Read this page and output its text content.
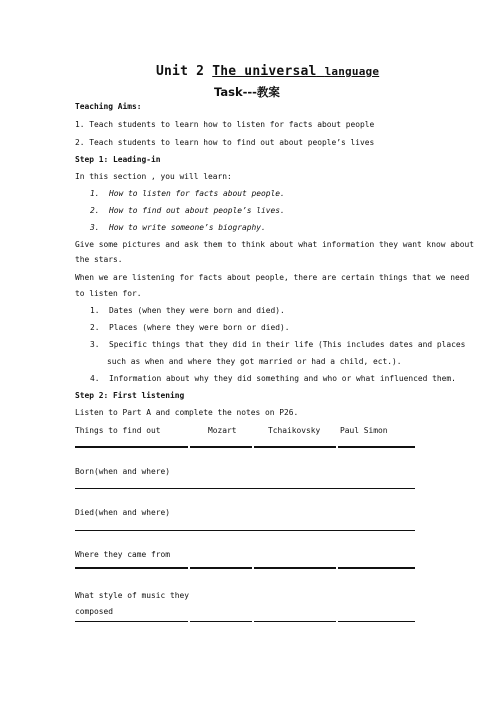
Unit 2 The universal language
Task---教案
Teaching Aims:
1. Teach students to learn how to listen for facts about people
2. Teach students to learn how to find out about people’s lives
Step 1: Leading-in
In this section , you will learn:
1. How to listen for facts about people.
2. How to find out about people’s lives.
3. How to write someone’s biography.
Give some pictures and ask them to think about what information they want know about
the stars.
When we are listening for facts about people, there are certain things that we need
to listen for.
1. Dates (when they were born and died).
2. Places (where they were born or died).
3. Specific things that they did in their life (This includes dates and places
such as when and where they got married or had a child, ect.).
4. Information about why they did something and who or what influenced them.
Step 2: First listening
Listen to Part A and complete the notes on P26.
Things to find out	Mozart	Tchaikovsky Paul Simon
Born(when and where)
Died(when and where)
Where they came from
What style of music they
composed
